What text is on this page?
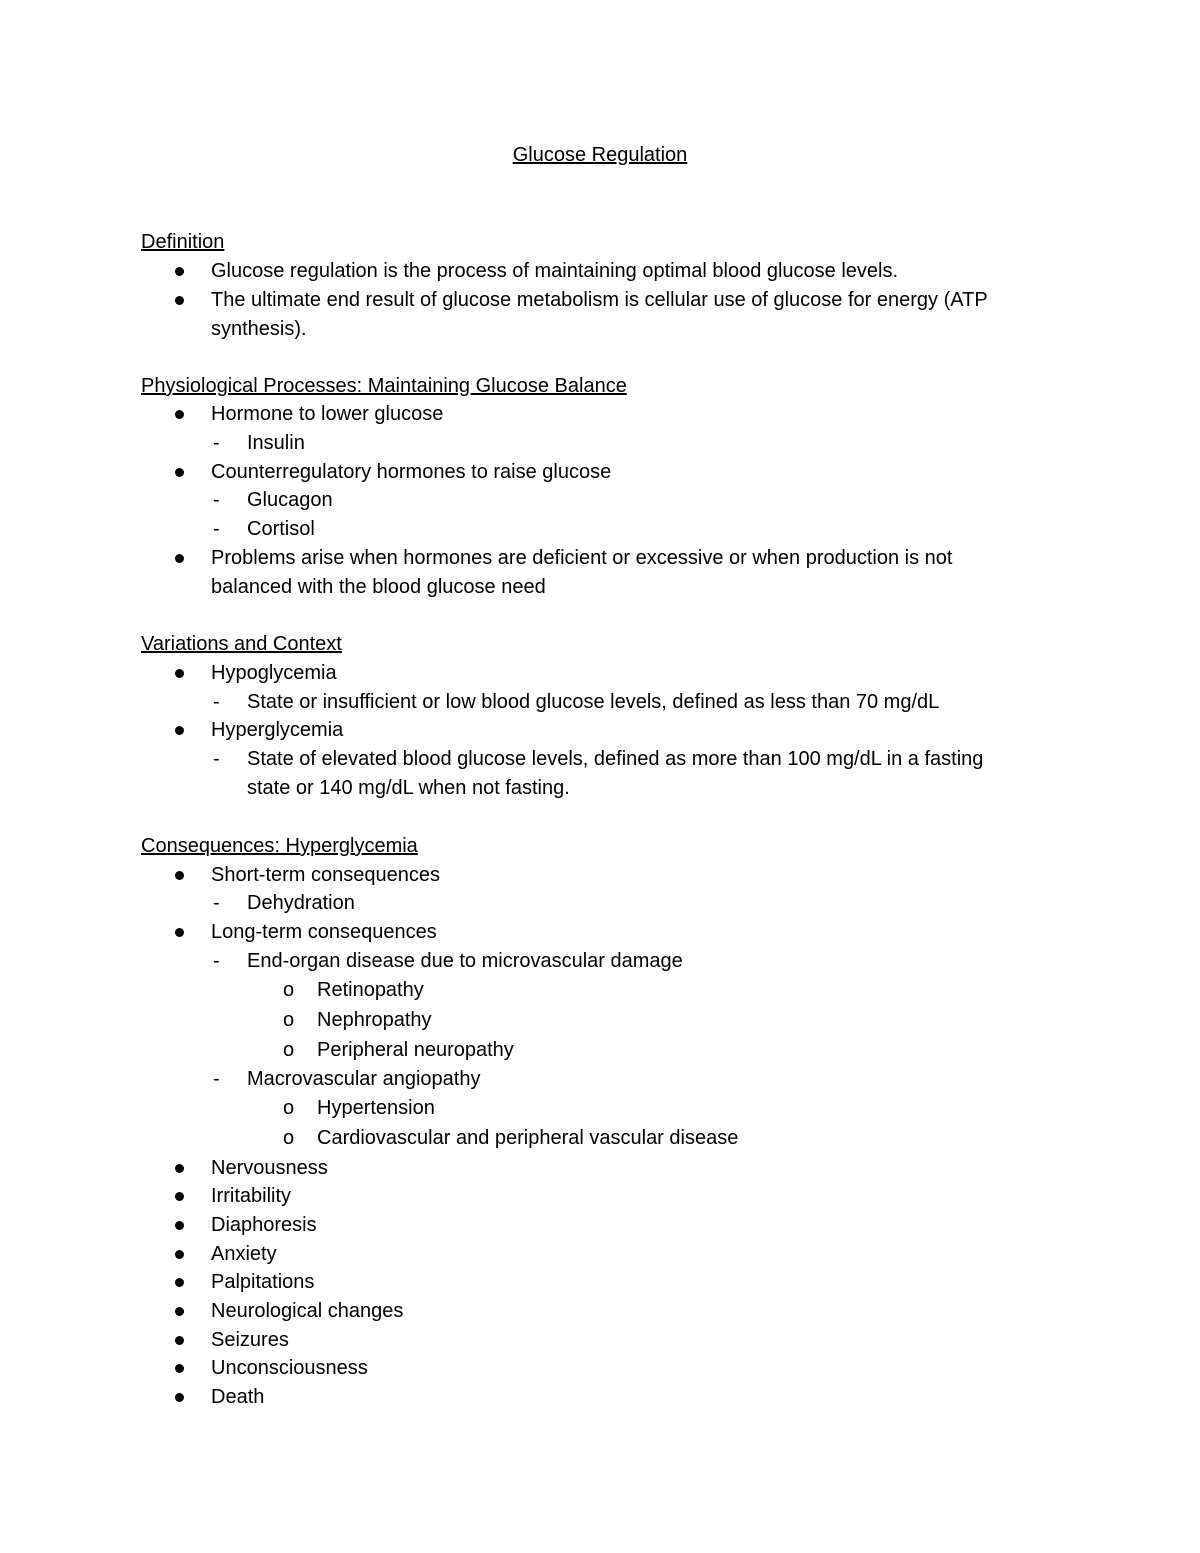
Glucose Regulation
Definition
Glucose regulation is the process of maintaining optimal blood glucose levels.
The ultimate end result of glucose metabolism is cellular use of glucose for energy (ATP
synthesis).
Physiological Processes: Maintaining Glucose Balance
Hormone to lower glucose
- Insulin
Counterregulatory hormones to raise glucose
- Glucagon
- Cortisol
Problems arise when hormones are deficient or excessive or when production is not
balanced with the blood glucose need
Variations and Context
Hypoglycemia
- State or insufficient or low blood glucose levels, defined as less than 70 mg/dL
Hyperglycemia
- State of elevated blood glucose levels, defined as more than 100 mg/dL in a fasting
state or 140 mg/dL when not fasting.
Consequences: Hyperglycemia
Short-term consequences
- Dehydration
Long-term consequences
- End-organ disease due to microvascular damage
o Retinopathy
o Nephropathy
o Peripheral neuropathy
- Macrovascular angiopathy
o Hypertension
o Cardiovascular and peripheral vascular disease
Nervousness
Irritability
Diaphoresis
Anxiety
Palpitations
Neurological changes
Seizures
Unconsciousness
Death
